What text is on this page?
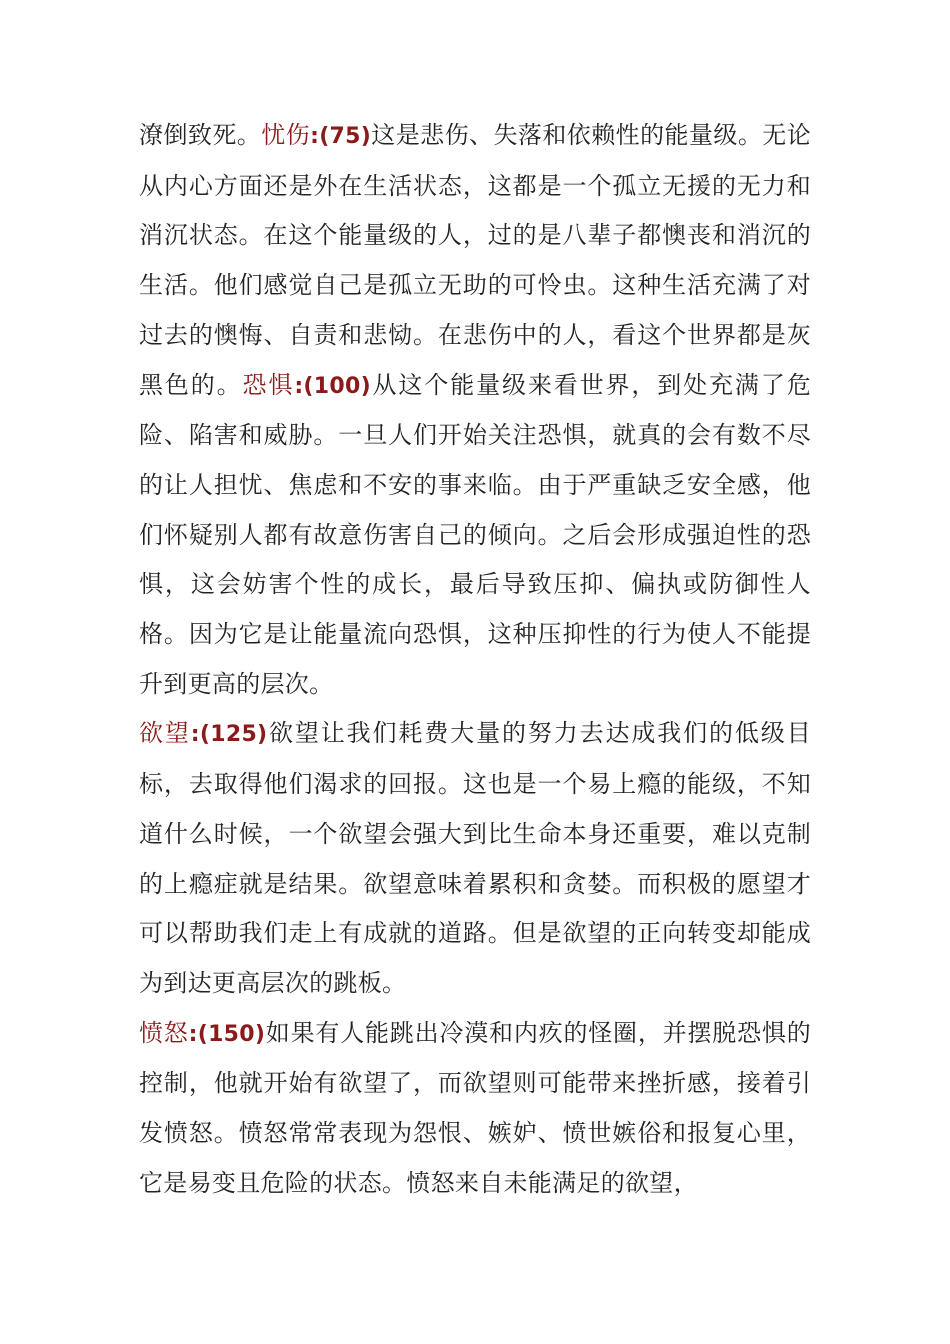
潦倒致死。忧伤:(75)这是悲伤、失落和依赖性的能量级。无论从内心方面还是外在生活状态，这都是一个孤立无援的无力和消沉状态。在这个能量级的人，过的是八辈子都懊丧和消沉的生活。他们感觉自己是孤立无助的可怜虫。这种生活充满了对过去的懊悔、自责和悲恸。在悲伤中的人，看这个世界都是灰黑色的。恐惧:(100)从这个能量级来看世界，到处充满了危险、陷害和威胁。一旦人们开始关注恐惧，就真的会有数不尽的让人担忧、焦虑和不安的事来临。由于严重缺乏安全感，他们怀疑别人都有故意伤害自己的倾向。之后会形成强迫性的恐惧，这会妨害个性的成长，最后导致压抑、偏执或防御性人格。因为它是让能量流向恐惧，这种压抑性的行为使人不能提升到更高的层次。

欲望:(125)欲望让我们耗费大量的努力去达成我们的低级目标，去取得他们渴求的回报。这也是一个易上瘾的能级，不知道什么时候，一个欲望会强大到比生命本身还重要，难以克制的上瘾症就是结果。欲望意味着累积和贪婪。而积极的愿望才可以帮助我们走上有成就的道路。但是欲望的正向转变却能成为到达更高层次的跳板。

愤怒:(150)如果有人能跳出冷漠和内疚的怪圈，并摆脱恐惧的控制，他就开始有欲望了，而欲望则可能带来挫折感，接着引发愤怒。愤怒常常表现为怨恨、嫉妒、愤世嫉俗和报复心里，它是易变且危险的状态。愤怒来自未能满足的欲望，
